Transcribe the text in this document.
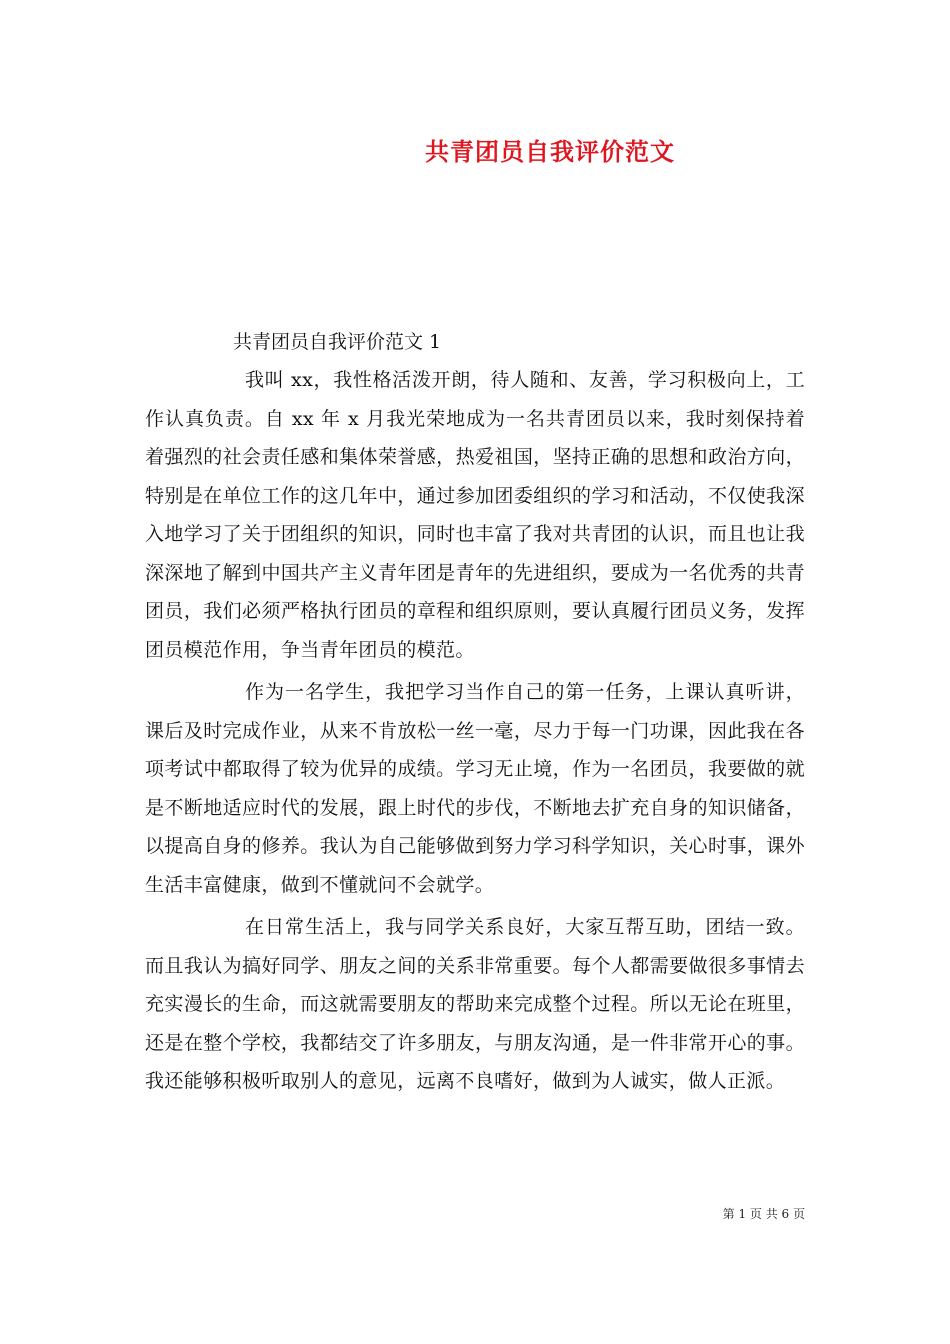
共青团员自我评价范文

共青团员自我评价范文 1

我叫 xx，我性格活泼开朗，待人随和、友善，学习积极向上，工作认真负责。自 xx 年 x 月我光荣地成为一名共青团员以来，我时刻保持着着强烈的社会责任感和集体荣誉感，热爱祖国，坚持正确的思想和政治方向，特别是在单位工作的这几年中，通过参加团委组织的学习和活动，不仅使我深入地学习了关于团组织的知识，同时也丰富了我对共青团的认识，而且也让我深深地了解到中国共产主义青年团是青年的先进组织，要成为一名优秀的共青团员，我们必须严格执行团员的章程和组织原则，要认真履行团员义务，发挥团员模范作用，争当青年团员的模范。

作为一名学生，我把学习当作自己的第一任务，上课认真听讲，课后及时完成作业，从来不肯放松一丝一毫，尽力于每一门功课，因此我在各项考试中都取得了较为优异的成绩。学习无止境，作为一名团员，我要做的就是不断地适应时代的发展，跟上时代的步伐，不断地去扩充自身的知识储备，以提高自身的修养。我认为自己能够做到努力学习科学知识，关心时事，课外生活丰富健康，做到不懂就问不会就学。

在日常生活上，我与同学关系良好，大家互帮互助，团结一致。而且我认为搞好同学、朋友之间的关系非常重要。每个人都需要做很多事情去充实漫长的生命，而这就需要朋友的帮助来完成整个过程。所以无论在班里，还是在整个学校，我都结交了许多朋友，与朋友沟通，是一件非常开心的事。我还能够积极听取别人的意见，远离不良嗜好，做到为人诚实，做人正派。

第 1 页 共 6 页
